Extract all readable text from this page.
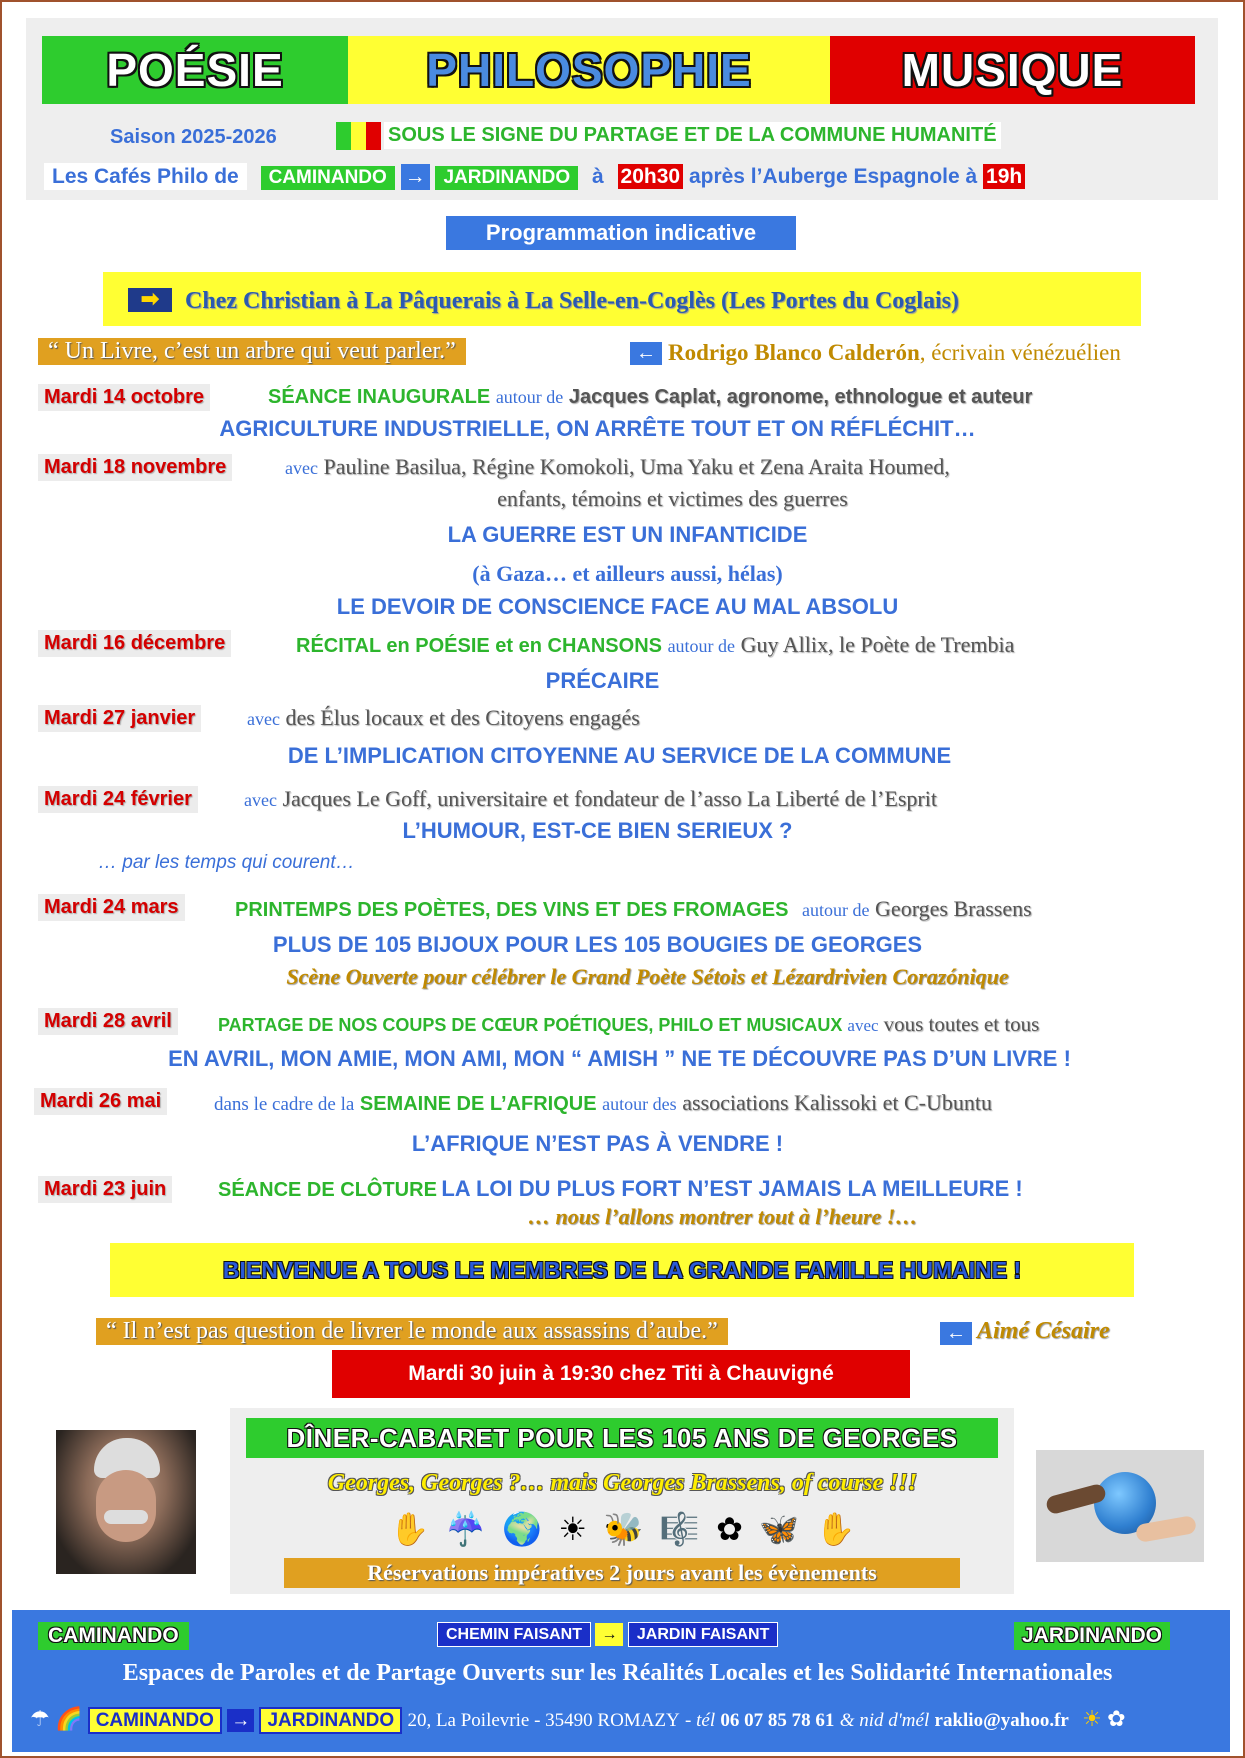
POÉSIE	PHILOSOPHIE	MUSIQUE
Saison 2025-2026	SOUS LE SIGNE DU PARTAGE ET DE LA COMMUNE HUMANITÉ
Les Cafés Philo de CAMINANDO → JARDINANDO à 20h30 après l’Auberge Espagnole à 19h
Programmation indicative
➡	Chez Christian à La Pâquerais à La Selle-en-Coglès (Les Portes du Coglais)
“ Un Livre, c’est un arbre qui veut parler.”	← Rodrigo Blanco Calderón, écrivain vénézuélien
Mardi 14 octobre	SÉANCE INAUGURALE autour de Jacques Caplat, agronome, ethnologue et auteur
AGRICULTURE INDUSTRIELLE, ON ARRÊTE TOUT ET ON RÉFLÉCHIT…
Mardi 18 novembre	avec Pauline Basilua, Régine Komokoli, Uma Yaku et Zena Araita Houmed,
enfants, témoins et victimes des guerres
LA GUERRE EST UN INFANTICIDE
(à Gaza… et ailleurs aussi, hélas)
LE DEVOIR DE CONSCIENCE FACE AU MAL ABSOLU
Mardi 16 décembre	RÉCITAL en POÉSIE et en CHANSONS autour de Guy Allix, le Poète de Trembia
PRÉCAIRE
Mardi 27 janvier	avec des Élus locaux et des Citoyens engagés
DE L’IMPLICATION CITOYENNE AU SERVICE DE LA COMMUNE
Mardi 24 février	avec Jacques Le Goff, universitaire et fondateur de l’asso La Liberté de l’Esprit
L’HUMOUR, EST-CE BIEN SERIEUX ?
… par les temps qui courent…
Mardi 24 mars	PRINTEMPS DES POÈTES, DES VINS ET DES FROMAGES autour de Georges Brassens
PLUS DE 105 BIJOUX POUR LES 105 BOUGIES DE GEORGES
Scène Ouverte pour célébrer le Grand Poète Sétois et Lézardrivien Corazónique
Mardi 28 avril	PARTAGE DE NOS COUPS DE CŒUR POÉTIQUES, PHILO ET MUSICAUX avec vous toutes et tous
EN AVRIL, MON AMIE, MON AMI, MON “ AMISH ” NE TE DÉCOUVRE PAS D’UN LIVRE !
Mardi 26 mai	dans le cadre de la SEMAINE DE L’AFRIQUE autour des associations Kalissoki et C-Ubuntu
L’AFRIQUE N’EST PAS À VENDRE !
Mardi 23 juin	SÉANCE DE CLÔTURE LA LOI DU PLUS FORT N’EST JAMAIS LA MEILLEURE !
… nous l’allons montrer tout à l’heure !…
BIENVENUE A TOUS LE MEMBRES DE LA GRANDE FAMILLE HUMAINE !
“ Il n’est pas question de livrer le monde aux assassins d’aube.”	← Aimé Césaire
Mardi 30 juin à 19:30 chez Titi à Chauvigné
DÎNER-CABARET POUR LES 105 ANS DE GEORGES
Georges, Georges ?… mais Georges Brassens, of course !!!
✋ ☔ 🌍 ☀ 🐝 🎼 ✿ 🦋 ✋
Réservations impératives 2 jours avant les évènements
CAMINANDO	CHEMIN FAISANT → JARDIN FAISANT	JARDINANDO
Espaces de Paroles et de Partage Ouverts sur les Réalités Locales et les Solidarité Internationales
☂ 🌈 CAMINANDO → JARDINANDO 20, La Poilevrie - 35490 ROMAZY - tél 06 07 85 78 61 & nid d'mél raklio@yahoo.fr ☀ ✿
